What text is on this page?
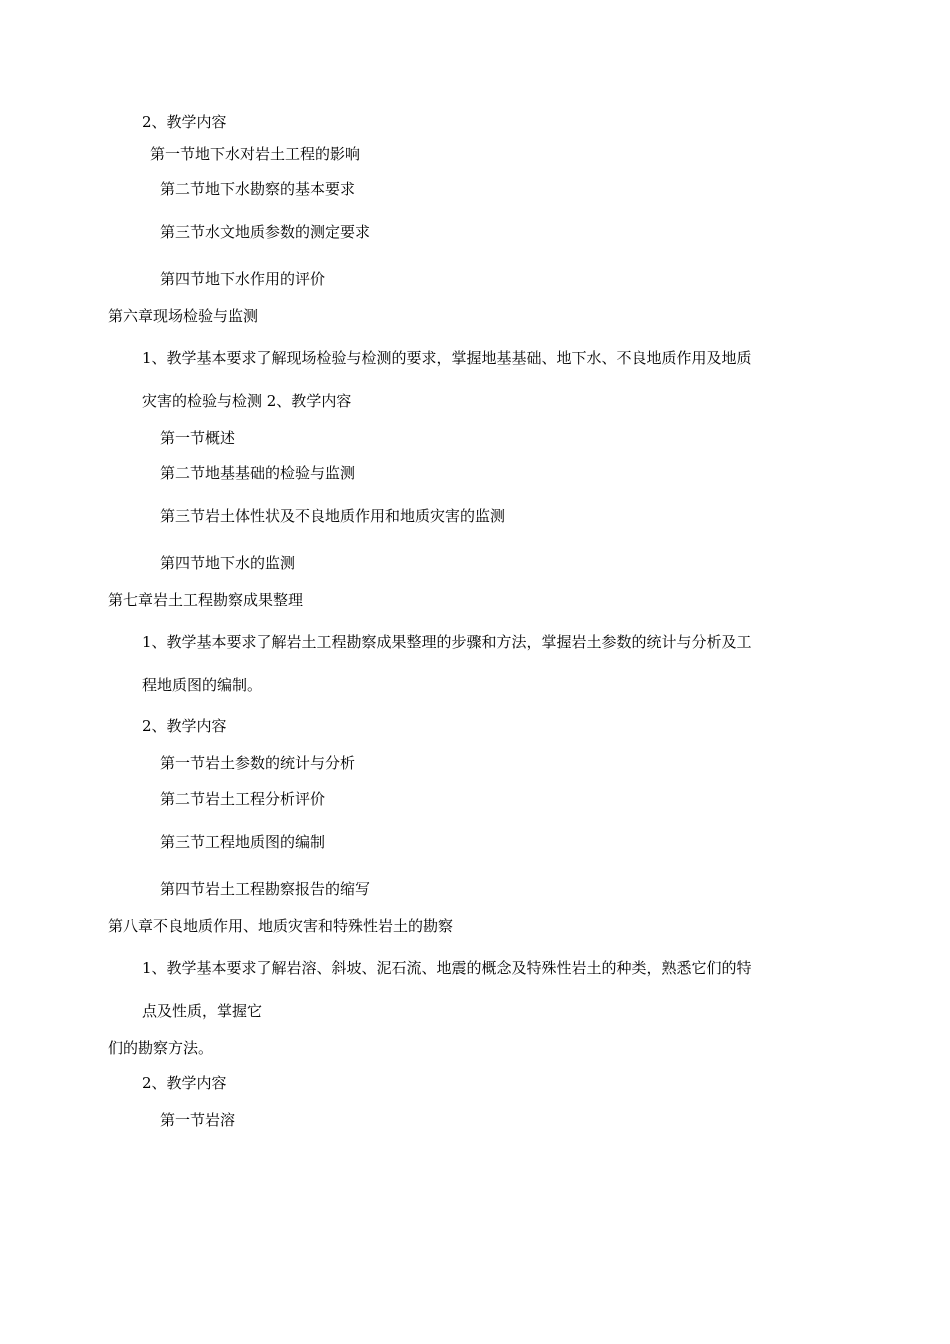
2、教学内容
第一节地下水对岩土工程的影响
第二节地下水勘察的基本要求
第三节水文地质参数的测定要求
第四节地下水作用的评价
第六章现场检验与监测
1、教学基本要求了解现场检验与检测的要求，掌握地基基础、地下水、不良地质作用及地质
灾害的检验与检测 2、教学内容
第一节概述
第二节地基基础的检验与监测
第三节岩土体性状及不良地质作用和地质灾害的监测
第四节地下水的监测
第七章岩土工程勘察成果整理
1、教学基本要求了解岩土工程勘察成果整理的步骤和方法，掌握岩土参数的统计与分析及工
程地质图的编制。
2、教学内容
第一节岩土参数的统计与分析
第二节岩土工程分析评价
第三节工程地质图的编制
第四节岩土工程勘察报告的缩写
第八章不良地质作用、地质灾害和特殊性岩土的勘察
1、教学基本要求了解岩溶、斜坡、泥石流、地震的概念及特殊性岩土的种类，熟悉它们的特
点及性质，掌握它
们的勘察方法。
2、教学内容
第一节岩溶
